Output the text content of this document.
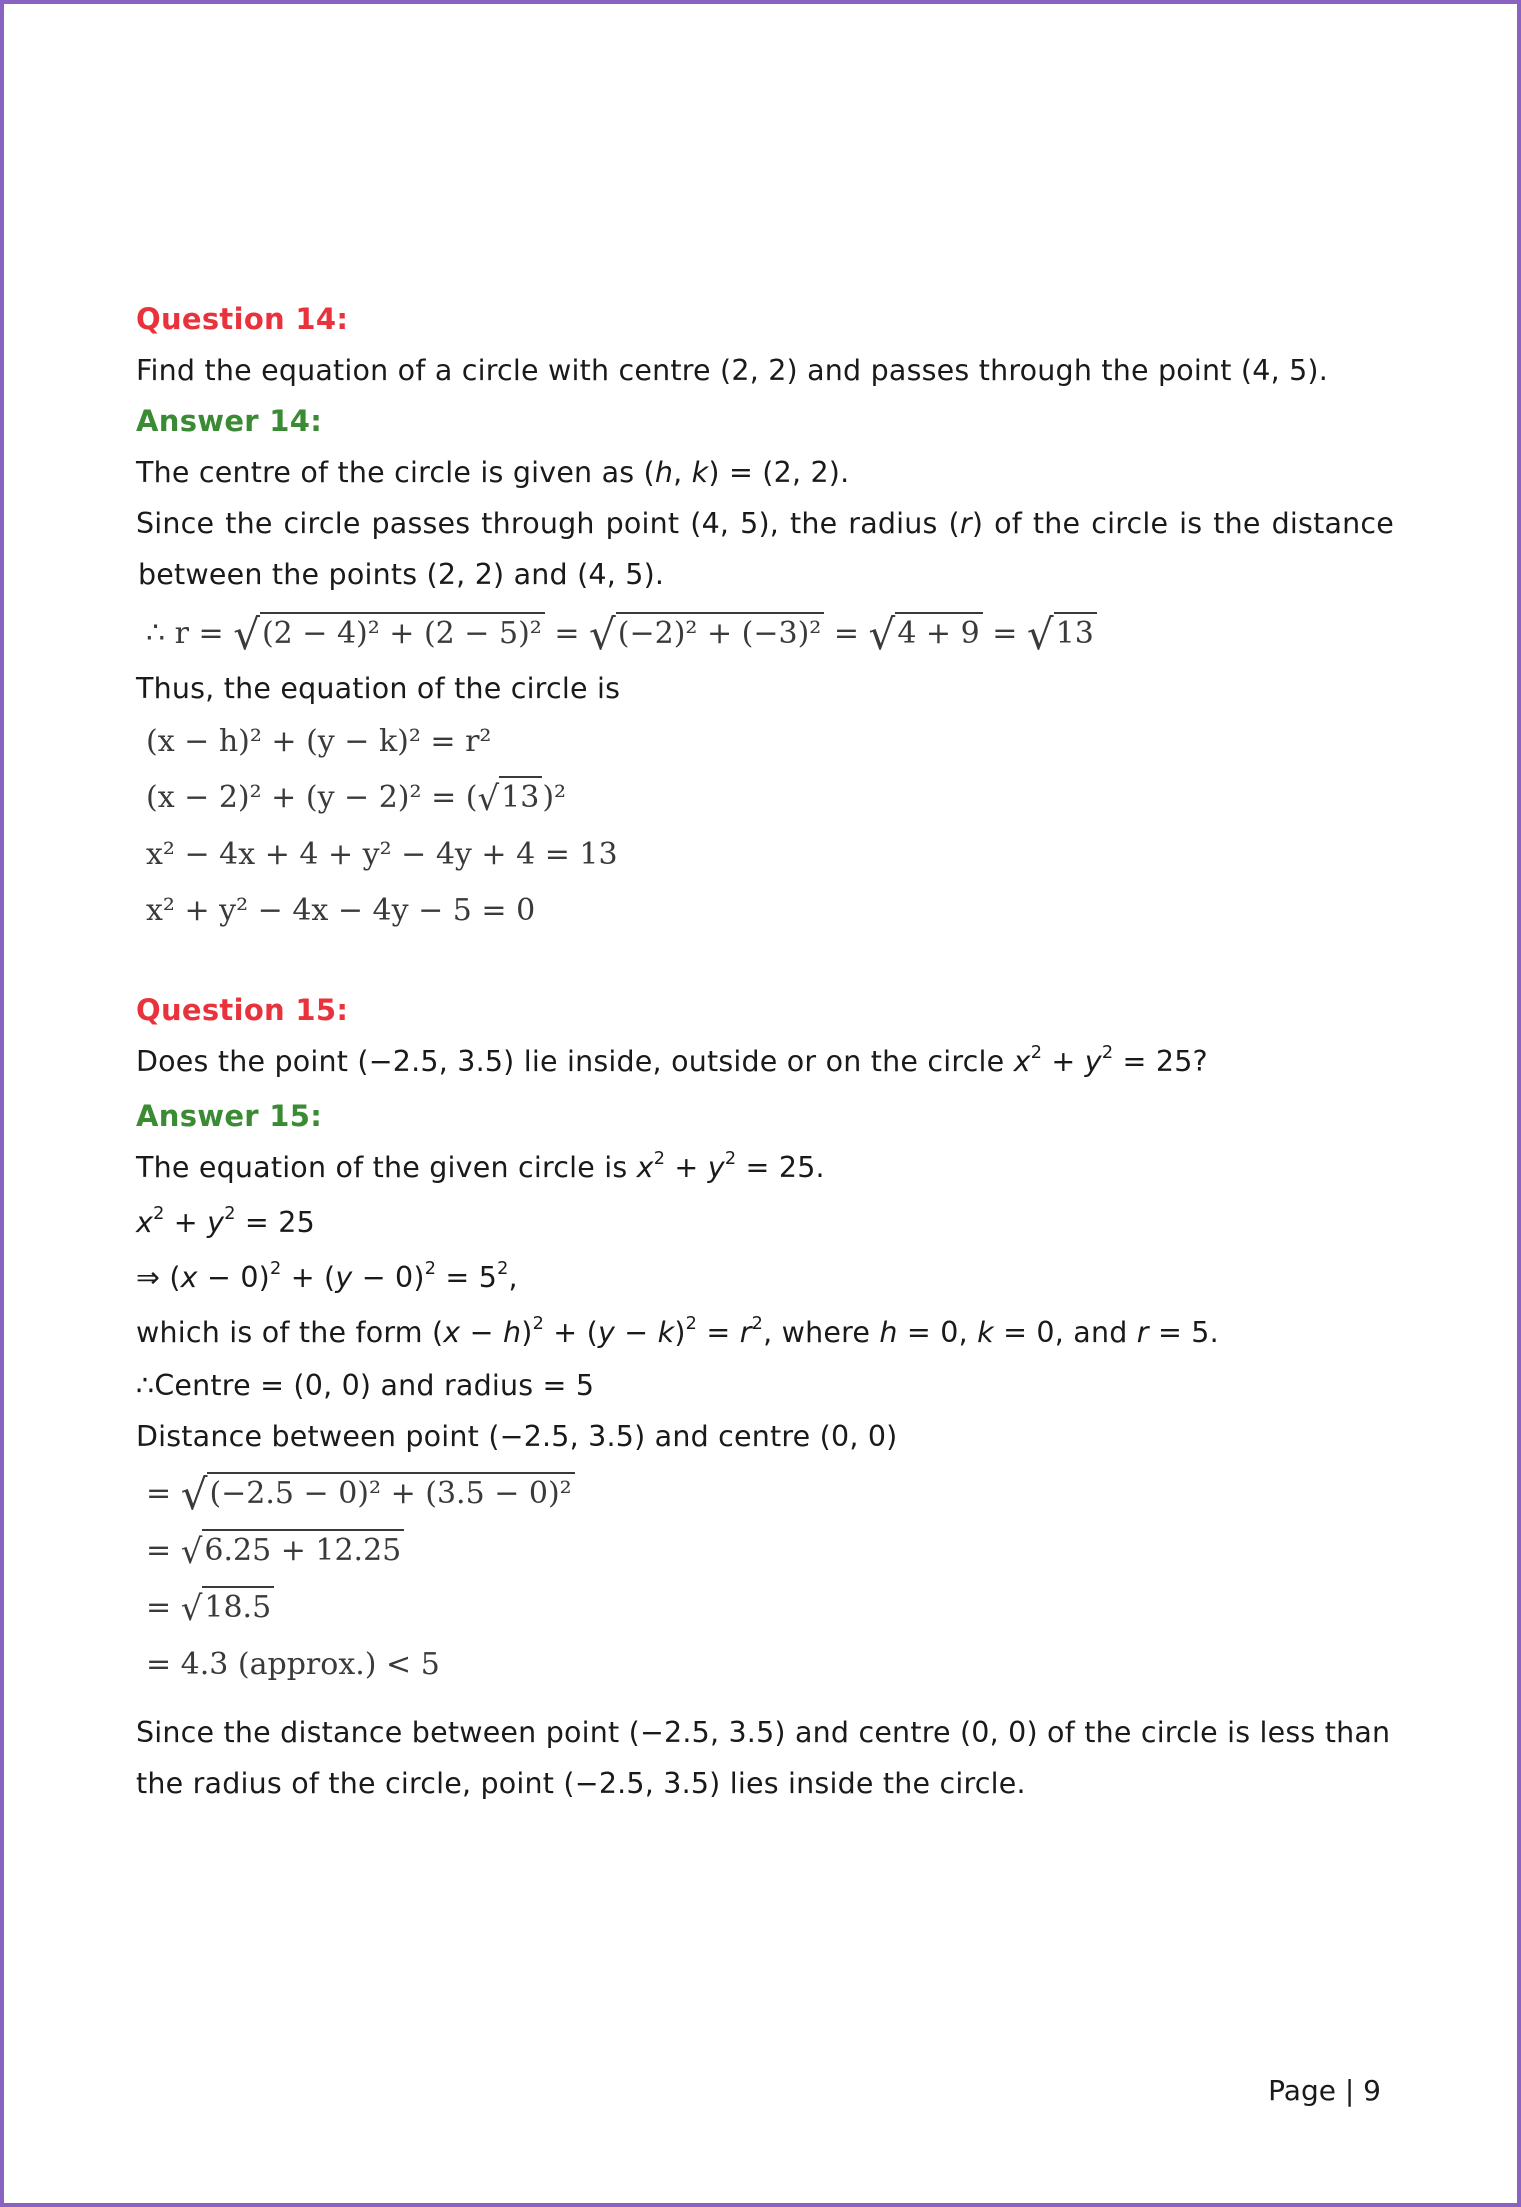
Question 14:
Find the equation of a circle with centre (2, 2) and passes through the point (4, 5).
Answer 14:
The centre of the circle is given as (h, k) = (2, 2).
Since the circle passes through point (4, 5), the radius (r) of the circle is the distance
between the points (2, 2) and (4, 5).
∴ r = √(2 − 4)² + (2 − 5)² = √(−2)² + (−3)² = √4 + 9 = √13
Thus, the equation of the circle is
(x − h)² + (y − k)² = r²
(x − 2)² + (y − 2)² = (√13 )²
x² − 4x + 4 + y² − 4y + 4 = 13
x² + y² − 4x − 4y − 5 = 0
Question 15:
Does the point (−2.5, 3.5) lie inside, outside or on the circle $x^2 + y^2 = 25$?
Answer 15:
The equation of the given circle is $x^2 + y^2 = 25$.
$x^2 + y^2 = 25$
⇒ $(x - 0)^2 + (y - 0)^2 = 5^2$,
which is of the form $(x - h)^2 + (y - k)^2 = r^2$, where h = 0, k = 0, and r = 5.
∴Centre = (0, 0) and radius = 5
Distance between point (−2.5, 3.5) and centre (0, 0)
= √(−2.5 − 0)² + (3.5 − 0)²
= √6.25 + 12.25
= √18.5
= 4.3 (approx.) < 5
Since the distance between point (−2.5, 3.5) and centre (0, 0) of the circle is less than
the radius of the circle, point (−2.5, 3.5) lies inside the circle.
Page | 9
